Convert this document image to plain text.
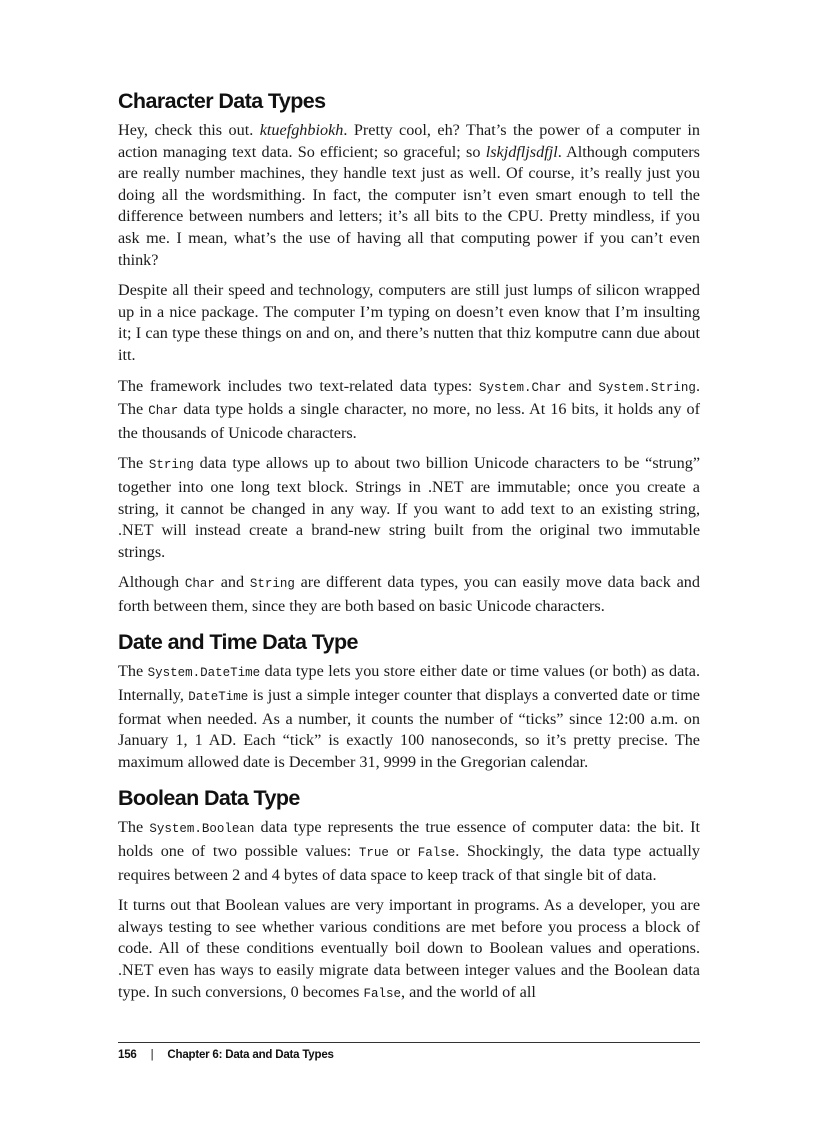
Character Data Types

Hey, check this out. ktuefghbiokh. Pretty cool, eh? That’s the power of a computer in action managing text data. So efficient; so graceful; so lskjdfljsdfjl. Although computers are really number machines, they handle text just as well. Of course, it’s really just you doing all the wordsmithing. In fact, the computer isn’t even smart enough to tell the difference between numbers and letters; it’s all bits to the CPU. Pretty mindless, if you ask me. I mean, what’s the use of having all that computing power if you can’t even think?

Despite all their speed and technology, computers are still just lumps of silicon wrapped up in a nice package. The computer I’m typing on doesn’t even know that I’m insulting it; I can type these things on and on, and there’s nutten that thiz komputre cann due about itt.

The framework includes two text-related data types: System.Char and System.String. The Char data type holds a single character, no more, no less. At 16 bits, it holds any of the thousands of Unicode characters.

The String data type allows up to about two billion Unicode characters to be “strung” together into one long text block. Strings in .NET are immutable; once you create a string, it cannot be changed in any way. If you want to add text to an existing string, .NET will instead create a brand-new string built from the original two immutable strings.

Although Char and String are different data types, you can easily move data back and forth between them, since they are both based on basic Unicode characters.

Date and Time Data Type

The System.DateTime data type lets you store either date or time values (or both) as data. Internally, DateTime is just a simple integer counter that displays a converted date or time format when needed. As a number, it counts the number of “ticks” since 12:00 a.m. on January 1, 1 AD. Each “tick” is exactly 100 nanoseconds, so it’s pretty precise. The maximum allowed date is December 31, 9999 in the Gregorian calendar.

Boolean Data Type

The System.Boolean data type represents the true essence of computer data: the bit. It holds one of two possible values: True or False. Shockingly, the data type actually requires between 2 and 4 bytes of data space to keep track of that single bit of data.

It turns out that Boolean values are very important in programs. As a developer, you are always testing to see whether various conditions are met before you process a block of code. All of these conditions eventually boil down to Boolean values and operations. .NET even has ways to easily migrate data between integer values and the Boolean data type. In such conversions, 0 becomes False, and the world of all

156 | Chapter 6: Data and Data Types
